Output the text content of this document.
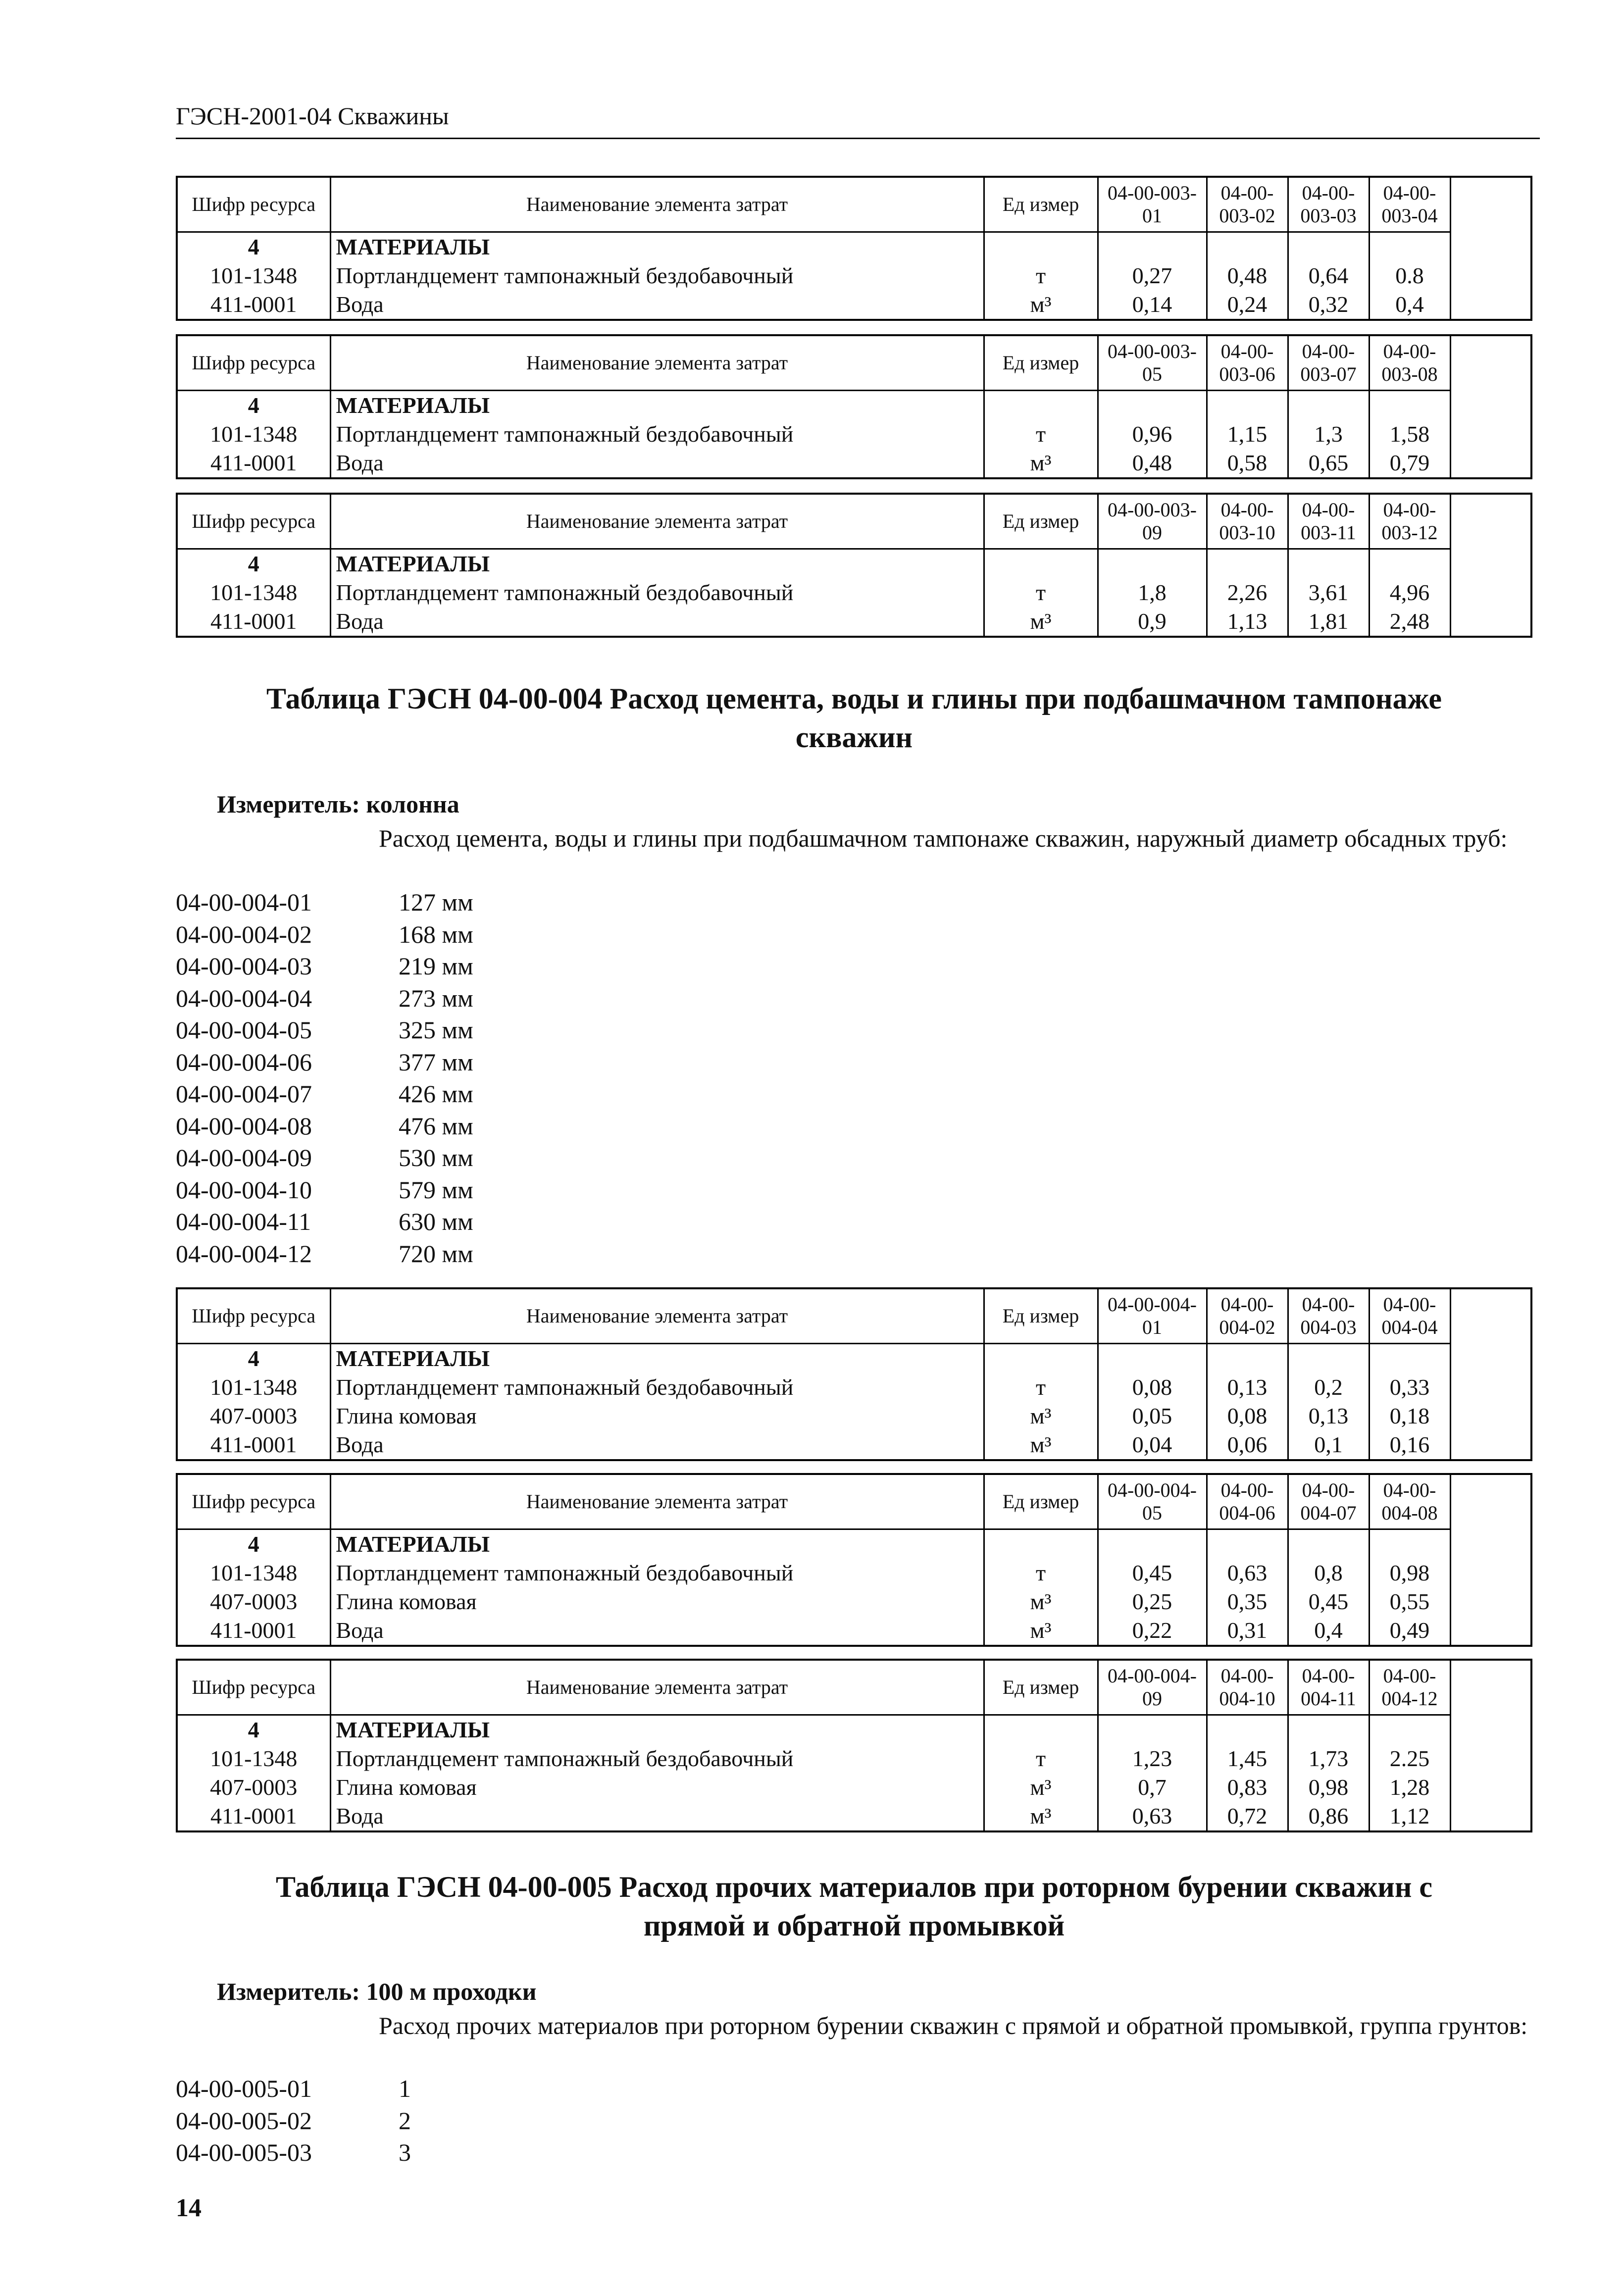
ГЭСН-2001-04 Скважины
Шифр ресурса	Наименование элемента затрат	Ед измер	04-00-003-01	04-00-003-02	04-00-003-03	04-00-003-04
4	МАТЕРИАЛЫ					
101-1348	Портландцемент тампонажный бездобавочный	т	0,27	0,48	0,64	0.8
411-0001	Вода	м³	0,14	0,24	0,32	0,4
Шифр ресурса	Наименование элемента затрат	Ед измер	04-00-003-05	04-00-003-06	04-00-003-07	04-00-003-08
4	МАТЕРИАЛЫ					
101-1348	Портландцемент тампонажный бездобавочный	т	0,96	1,15	1,3	1,58
411-0001	Вода	м³	0,48	0,58	0,65	0,79
Шифр ресурса	Наименование элемента затрат	Ед измер	04-00-003-09	04-00-003-10	04-00-003-11	04-00-003-12
4	МАТЕРИАЛЫ					
101-1348	Портландцемент тампонажный бездобавочный	т	1,8	2,26	3,61	4,96
411-0001	Вода	м³	0,9	1,13	1,81	2,48
Таблица ГЭСН 04-00-004 Расход цемента, воды и глины при подбашмачном тампонаже
скважин
Измеритель: колонна
Расход цемента, воды и глины при подбашмачном тампонаже скважин, наружный диаметр обсадных труб:
04-00-004-01	127 мм
04-00-004-02	168 мм
04-00-004-03	219 мм
04-00-004-04	273 мм
04-00-004-05	325 мм
04-00-004-06	377 мм
04-00-004-07	426 мм
04-00-004-08	476 мм
04-00-004-09	530 мм
04-00-004-10	579 мм
04-00-004-11	630 мм
04-00-004-12	720 мм
Шифр ресурса	Наименование элемента затрат	Ед измер	04-00-004-01	04-00-004-02	04-00-004-03	04-00-004-04
4	МАТЕРИАЛЫ					
101-1348	Портландцемент тампонажный бездобавочный	т	0,08	0,13	0,2	0,33
407-0003	Глина комовая	м³	0,05	0,08	0,13	0,18
411-0001	Вода	м³	0,04	0,06	0,1	0,16
Шифр ресурса	Наименование элемента затрат	Ед измер	04-00-004-05	04-00-004-06	04-00-004-07	04-00-004-08
4	МАТЕРИАЛЫ					
101-1348	Портландцемент тампонажный бездобавочный	т	0,45	0,63	0,8	0,98
407-0003	Глина комовая	м³	0,25	0,35	0,45	0,55
411-0001	Вода	м³	0,22	0,31	0,4	0,49
Шифр ресурса	Наименование элемента затрат	Ед измер	04-00-004-09	04-00-004-10	04-00-004-11	04-00-004-12
4	МАТЕРИАЛЫ					
101-1348	Портландцемент тампонажный бездобавочный	т	1,23	1,45	1,73	2.25
407-0003	Глина комовая	м³	0,7	0,83	0,98	1,28
411-0001	Вода	м³	0,63	0,72	0,86	1,12
Таблица ГЭСН 04-00-005 Расход прочих материалов при роторном бурении скважин с
прямой и обратной промывкой
Измеритель: 100 м проходки
Расход прочих материалов при роторном бурении скважин с прямой и обратной промывкой, группа грунтов:
04-00-005-01	1
04-00-005-02	2
04-00-005-03	3
14
